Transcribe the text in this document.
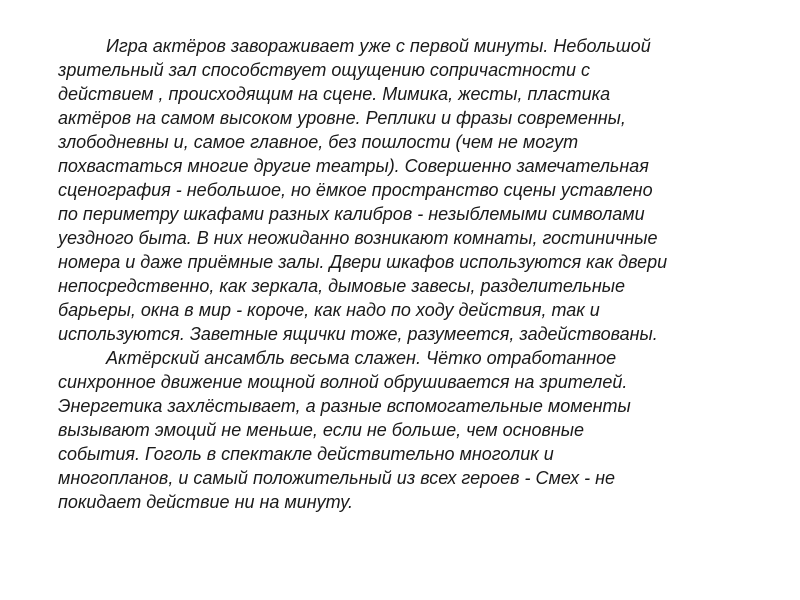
Игра актёров завораживает уже с первой минуты. Небольшой
зрительный зал способствует ощущению сопричастности с
действием , происходящим на сцене. Мимика, жесты, пластика
актёров на самом высоком уровне. Реплики и фразы современны,
злободневны и, самое главное, без пошлости (чем не могут
похвастаться многие другие театры). Совершенно замечательная
сценография - небольшое, но ёмкое пространство сцены уставлено
по периметру шкафами разных калибров - незыблемыми символами
уездного быта. В них неожиданно возникают комнаты, гостиничные
номера и даже приёмные залы. Двери шкафов используются как двери
непосредственно, как зеркала, дымовые завесы, разделительные
барьеры, окна в мир - короче, как надо по ходу действия, так и
используются. Заветные ящички тоже, разумеется, задействованы.
Актёрский ансамбль весьма слажен. Чётко отработанное
синхронное движение мощной волной обрушивается на зрителей.
Энергетика захлёстывает, а разные вспомогательные моменты
вызывают эмоций не меньше, если не больше, чем основные
события. Гоголь в спектакле действительно многолик и
многопланов, и самый положительный из всех героев - Смех - не
покидает действие ни на минуту.
